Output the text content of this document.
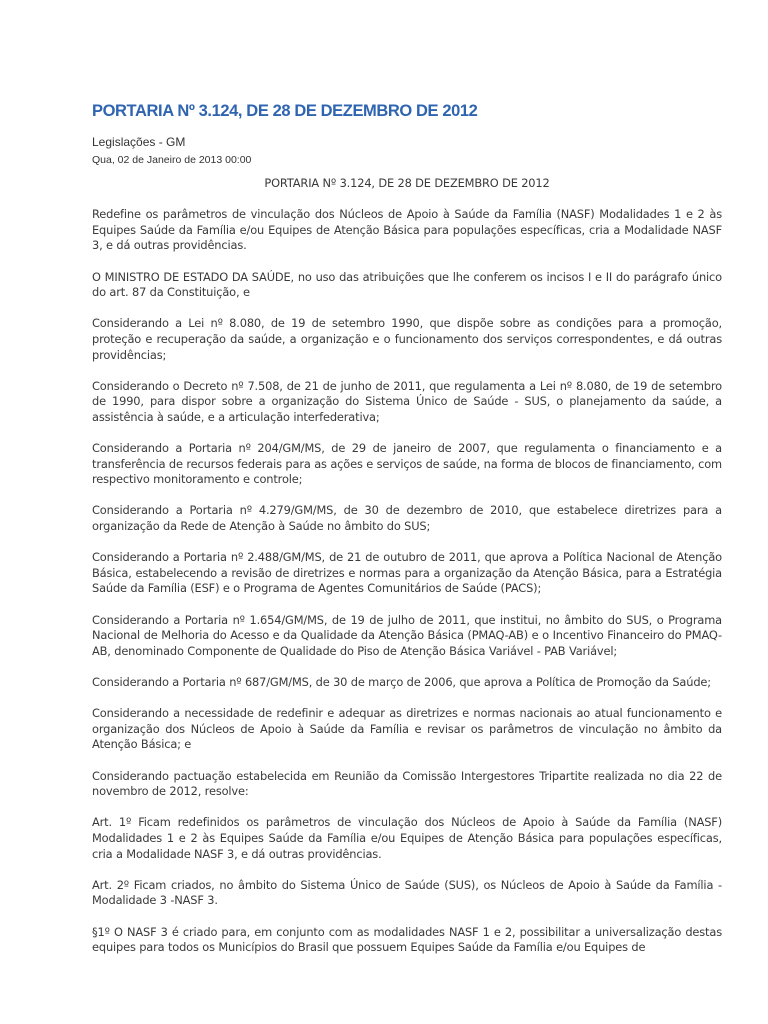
PORTARIA Nº 3.124, DE 28 DE DEZEMBRO DE 2012
Legislações - GM
Qua, 02 de Janeiro de 2013 00:00

PORTARIA Nº 3.124, DE 28 DE DEZEMBRO DE 2012

Redefine os parâmetros de vinculação dos Núcleos de Apoio à Saúde da Família (NASF) Modalidades 1 e 2 às Equipes Saúde da Família e/ou Equipes de Atenção Básica para populações específicas, cria a Modalidade NASF 3, e dá outras providências.

O MINISTRO DE ESTADO DA SAÚDE, no uso das atribuições que lhe conferem os incisos I e II do parágrafo único do art. 87 da Constituição, e

Considerando a Lei nº 8.080, de 19 de setembro 1990, que dispõe sobre as condições para a promoção, proteção e recuperação da saúde, a organização e o funcionamento dos serviços correspondentes, e dá outras providências;

Considerando o Decreto nº 7.508, de 21 de junho de 2011, que regulamenta a Lei nº 8.080, de 19 de setembro de 1990, para dispor sobre a organização do Sistema Único de Saúde - SUS, o planejamento da saúde, a assistência à saúde, e a articulação interfederativa;

Considerando a Portaria nº 204/GM/MS, de 29 de janeiro de 2007, que regulamenta o financiamento e a transferência de recursos federais para as ações e serviços de saúde, na forma de blocos de financiamento, com respectivo monitoramento e controle;

Considerando a Portaria nº 4.279/GM/MS, de 30 de dezembro de 2010, que estabelece diretrizes para a organização da Rede de Atenção à Saúde no âmbito do SUS;

Considerando a Portaria nº 2.488/GM/MS, de 21 de outubro de 2011, que aprova a Política Nacional de Atenção Básica, estabelecendo a revisão de diretrizes e normas para a organização da Atenção Básica, para a Estratégia Saúde da Família (ESF) e o Programa de Agentes Comunitários de Saúde (PACS);

Considerando a Portaria nº 1.654/GM/MS, de 19 de julho de 2011, que institui, no âmbito do SUS, o Programa Nacional de Melhoria do Acesso e da Qualidade da Atenção Básica (PMAQ-AB) e o Incentivo Financeiro do PMAQ-AB, denominado Componente de Qualidade do Piso de Atenção Básica Variável - PAB Variável;

Considerando a Portaria nº 687/GM/MS, de 30 de março de 2006, que aprova a Política de Promoção da Saúde;

Considerando a necessidade de redefinir e adequar as diretrizes e normas nacionais ao atual funcionamento e organização dos Núcleos de Apoio à Saúde da Família e revisar os parâmetros de vinculação no âmbito da Atenção Básica; e

Considerando pactuação estabelecida em Reunião da Comissão Intergestores Tripartite realizada no dia 22 de novembro de 2012, resolve:

Art. 1º Ficam redefinidos os parâmetros de vinculação dos Núcleos de Apoio à Saúde da Família (NASF) Modalidades 1 e 2 às Equipes Saúde da Família e/ou Equipes de Atenção Básica para populações específicas, cria a Modalidade NASF 3, e dá outras providências.

Art. 2º Ficam criados, no âmbito do Sistema Único de Saúde (SUS), os Núcleos de Apoio à Saúde da Família - Modalidade 3 -NASF 3.

§1º O NASF 3 é criado para, em conjunto com as modalidades NASF 1 e 2, possibilitar a universalização destas equipes para todos os Municípios do Brasil que possuem Equipes Saúde da Família e/ou Equipes de
